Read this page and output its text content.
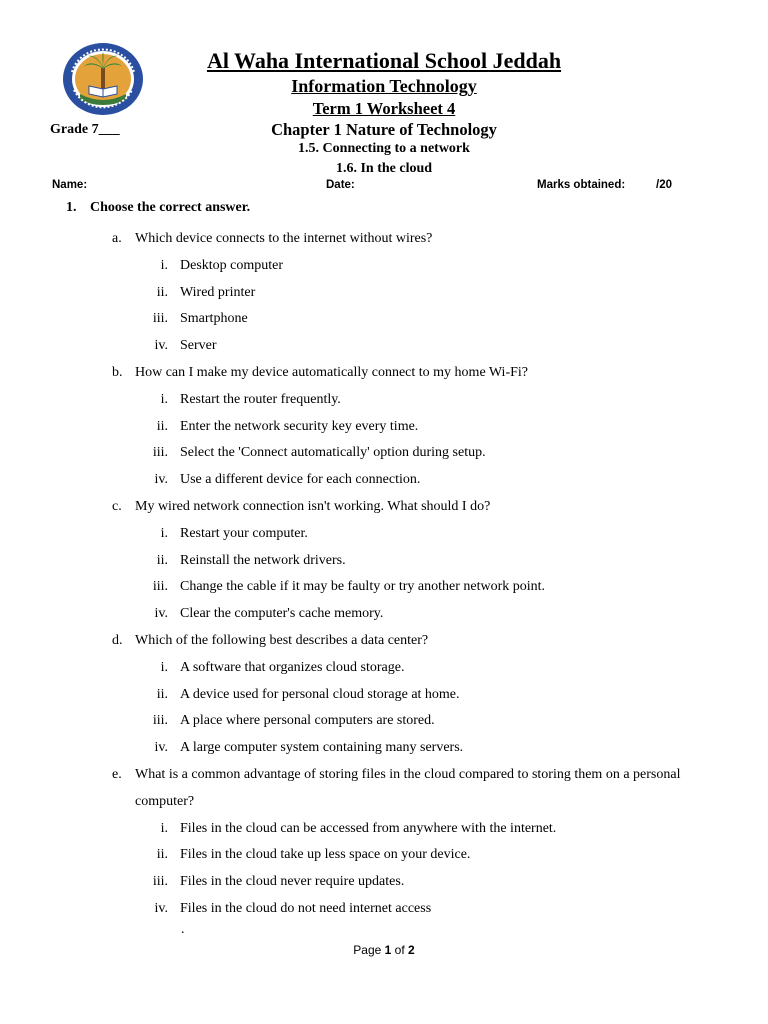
Al Waha International School Jeddah
Information Technology
Term 1 Worksheet 4
Chapter 1 Nature of Technology
1.5. Connecting to a network
1.6. In the cloud
Grade 7___
Name:	Date:	Marks obtained:	/20
1. Choose the correct answer.
a. Which device connects to the internet without wires?
i. Desktop computer
ii. Wired printer
iii. Smartphone
iv. Server
b. How can I make my device automatically connect to my home Wi-Fi?
i. Restart the router frequently.
ii. Enter the network security key every time.
iii. Select the 'Connect automatically' option during setup.
iv. Use a different device for each connection.
c. My wired network connection isn't working. What should I do?
i. Restart your computer.
ii. Reinstall the network drivers.
iii. Change the cable if it may be faulty or try another network point.
iv. Clear the computer's cache memory.
d. Which of the following best describes a data center?
i. A software that organizes cloud storage.
ii. A device used for personal cloud storage at home.
iii. A place where personal computers are stored.
iv. A large computer system containing many servers.
e. What is a common advantage of storing files in the cloud compared to storing them on a personal computer?
i. Files in the cloud can be accessed from anywhere with the internet.
ii. Files in the cloud take up less space on your device.
iii. Files in the cloud never require updates.
iv. Files in the cloud do not need internet access
.
Page 1 of 2
